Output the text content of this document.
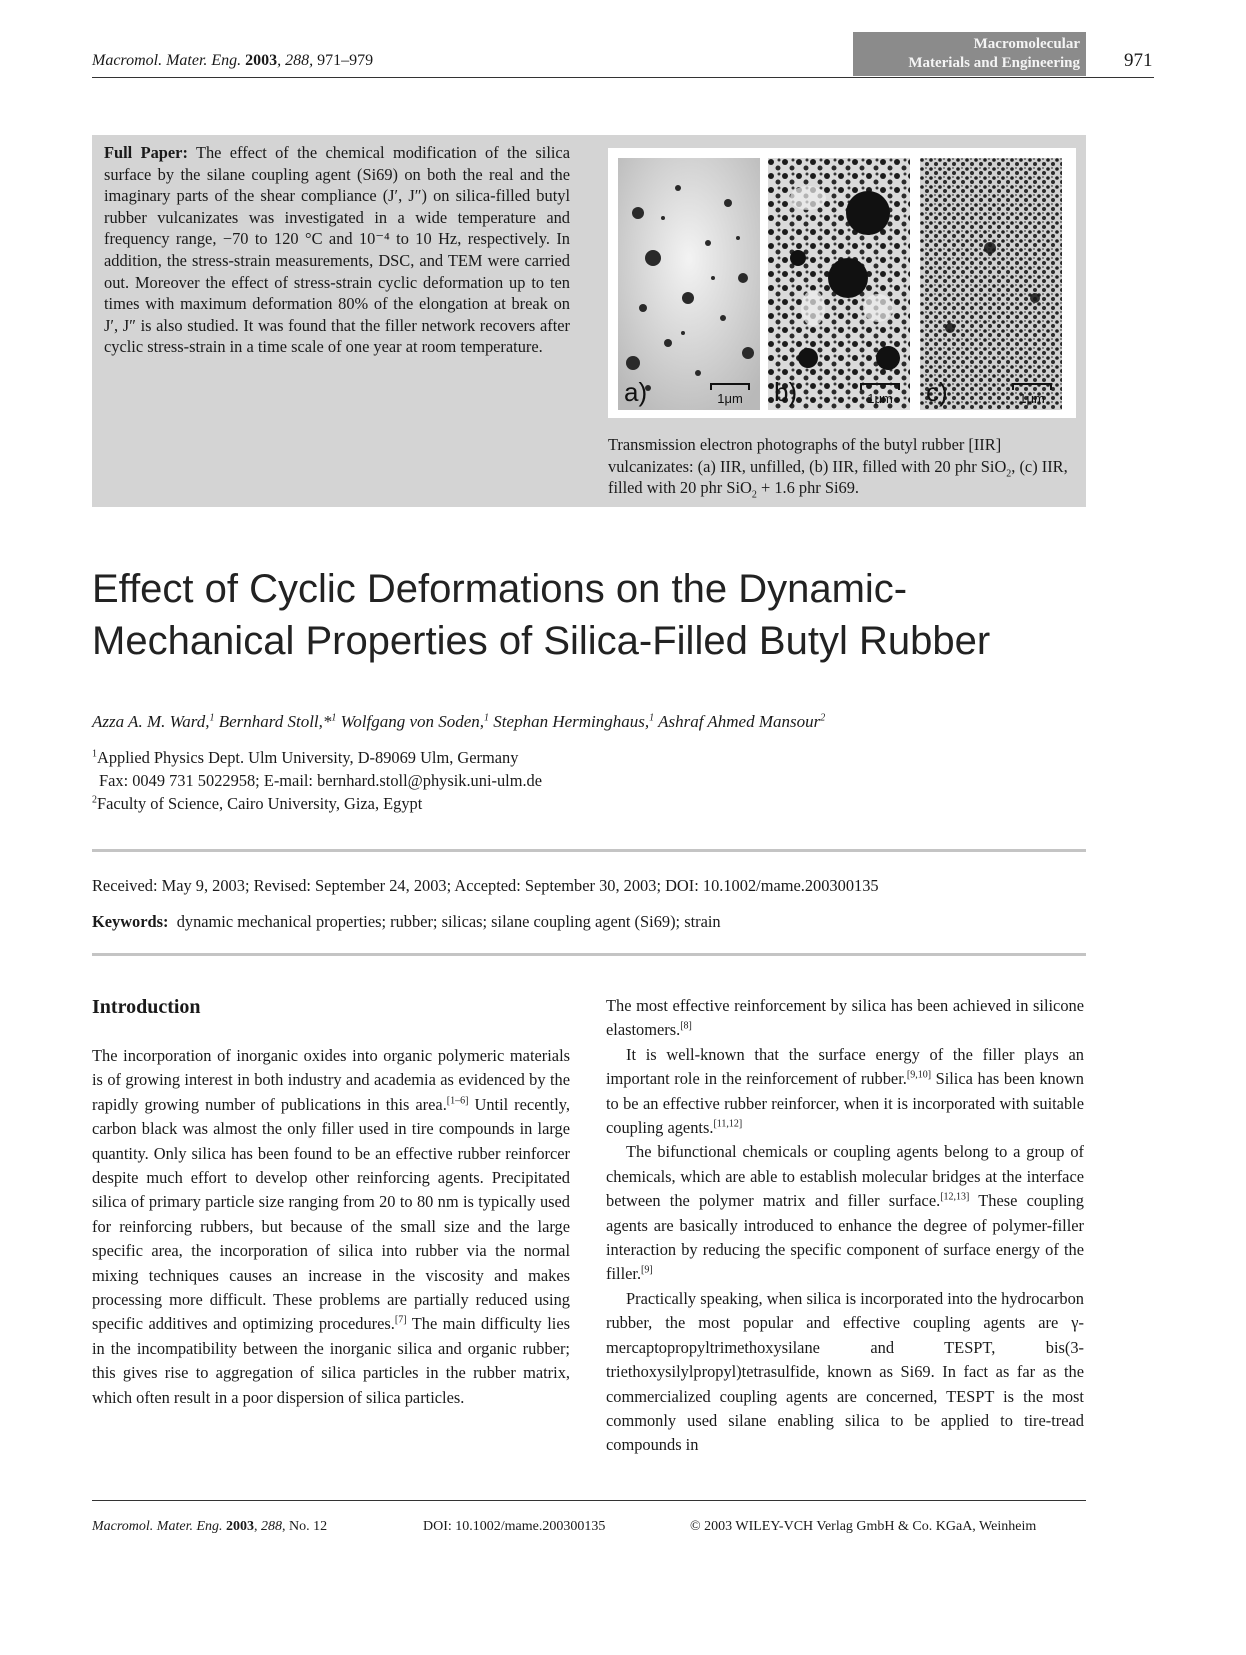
Macromol. Mater. Eng. 2003, 288, 971–979
Macromolecular
Materials and Engineering 971
Full Paper: The effect of the chemical modification of the silica surface by the silane coupling agent (Si69) on both the real and the imaginary parts of the shear compliance (J′, J″) on silica-filled butyl rubber vulcanizates was investigated in a wide temperature and frequency range, −70 to 120 °C and 10⁻⁴ to 10 Hz, respectively. In addition, the stress-strain measurements, DSC, and TEM were carried out. Moreover the effect of stress-strain cyclic deformation up to ten times with maximum deformation 80% of the elongation at break on J′, J″ is also studied. It was found that the filler network recovers after cyclic stress-strain in a time scale of one year at room temperature.
a)	1μm b)	1μm c)	1μm
Transmission electron photographs of the butyl rubber [IIR] vulcanizates: (a) IIR, unfilled, (b) IIR, filled with 20 phr SiO$_2$, (c) IIR, filled with 20 phr SiO$_2$ + 1.6 phr Si69.
Effect of Cyclic Deformations on the Dynamic-
Mechanical Properties of Silica-Filled Butyl Rubber
Azza A. M. Ward,$^1$ Bernhard Stoll,*$^1$ Wolfgang von Soden,$^1$ Stephan Herminghaus,$^1$ Ashraf Ahmed Mansour$^2$
$^1$Applied Physics Dept. Ulm University, D-89069 Ulm, Germany
Fax: 0049 731 5022958; E-mail: bernhard.stoll@physik.uni-ulm.de
$^2$Faculty of Science, Cairo University, Giza, Egypt
Received: May 9, 2003; Revised: September 24, 2003; Accepted: September 30, 2003; DOI: 10.1002/mame.200300135
Keywords: dynamic mechanical properties; rubber; silicas; silane coupling agent (Si69); strain
Introduction

The incorporation of inorganic oxides into organic polymeric materials is of growing interest in both industry and academia as evidenced by the rapidly growing number of publications in this area.[1–6] Until recently, carbon black was almost the only filler used in tire compounds in large quantity. Only silica has been found to be an effective rubber reinforcer despite much effort to develop other reinforcing agents. Precipitated silica of primary particle size ranging from 20 to 80 nm is typically used for reinforcing rubbers, but because of the small size and the large specific area, the incorporation of silica into rubber via the normal mixing techniques causes an increase in the viscosity and makes processing more difficult. These problems are partially reduced using specific additives and optimizing procedures.[7] The main difficulty lies in the incompatibility between the inorganic silica and organic rubber; this gives rise to aggregation of silica particles in the rubber matrix, which often result in a poor dispersion of silica particles.

The most effective reinforcement by silica has been achieved in silicone elastomers.[8]

It is well-known that the surface energy of the filler plays an important role in the reinforcement of rubber.[9,10] Silica has been known to be an effective rubber reinforcer, when it is incorporated with suitable coupling agents.[11,12]

The bifunctional chemicals or coupling agents belong to a group of chemicals, which are able to establish molecular bridges at the interface between the polymer matrix and filler surface.[12,13] These coupling agents are basically introduced to enhance the degree of polymer-filler interaction by reducing the specific component of surface energy of the filler.[9]

Practically speaking, when silica is incorporated into the hydrocarbon rubber, the most popular and effective coupling agents are γ-mercaptopropyltrimethoxysilane and TESPT, bis(3-triethoxysilylpropyl)tetrasulfide, known as Si69. In fact as far as the commercialized coupling agents are concerned, TESPT is the most commonly used silane enabling silica to be applied to tire-tread compounds in

Macromol. Mater. Eng. 2003, 288, No. 12	DOI: 10.1002/mame.200300135	© 2003 WILEY-VCH Verlag GmbH & Co. KGaA, Weinheim
